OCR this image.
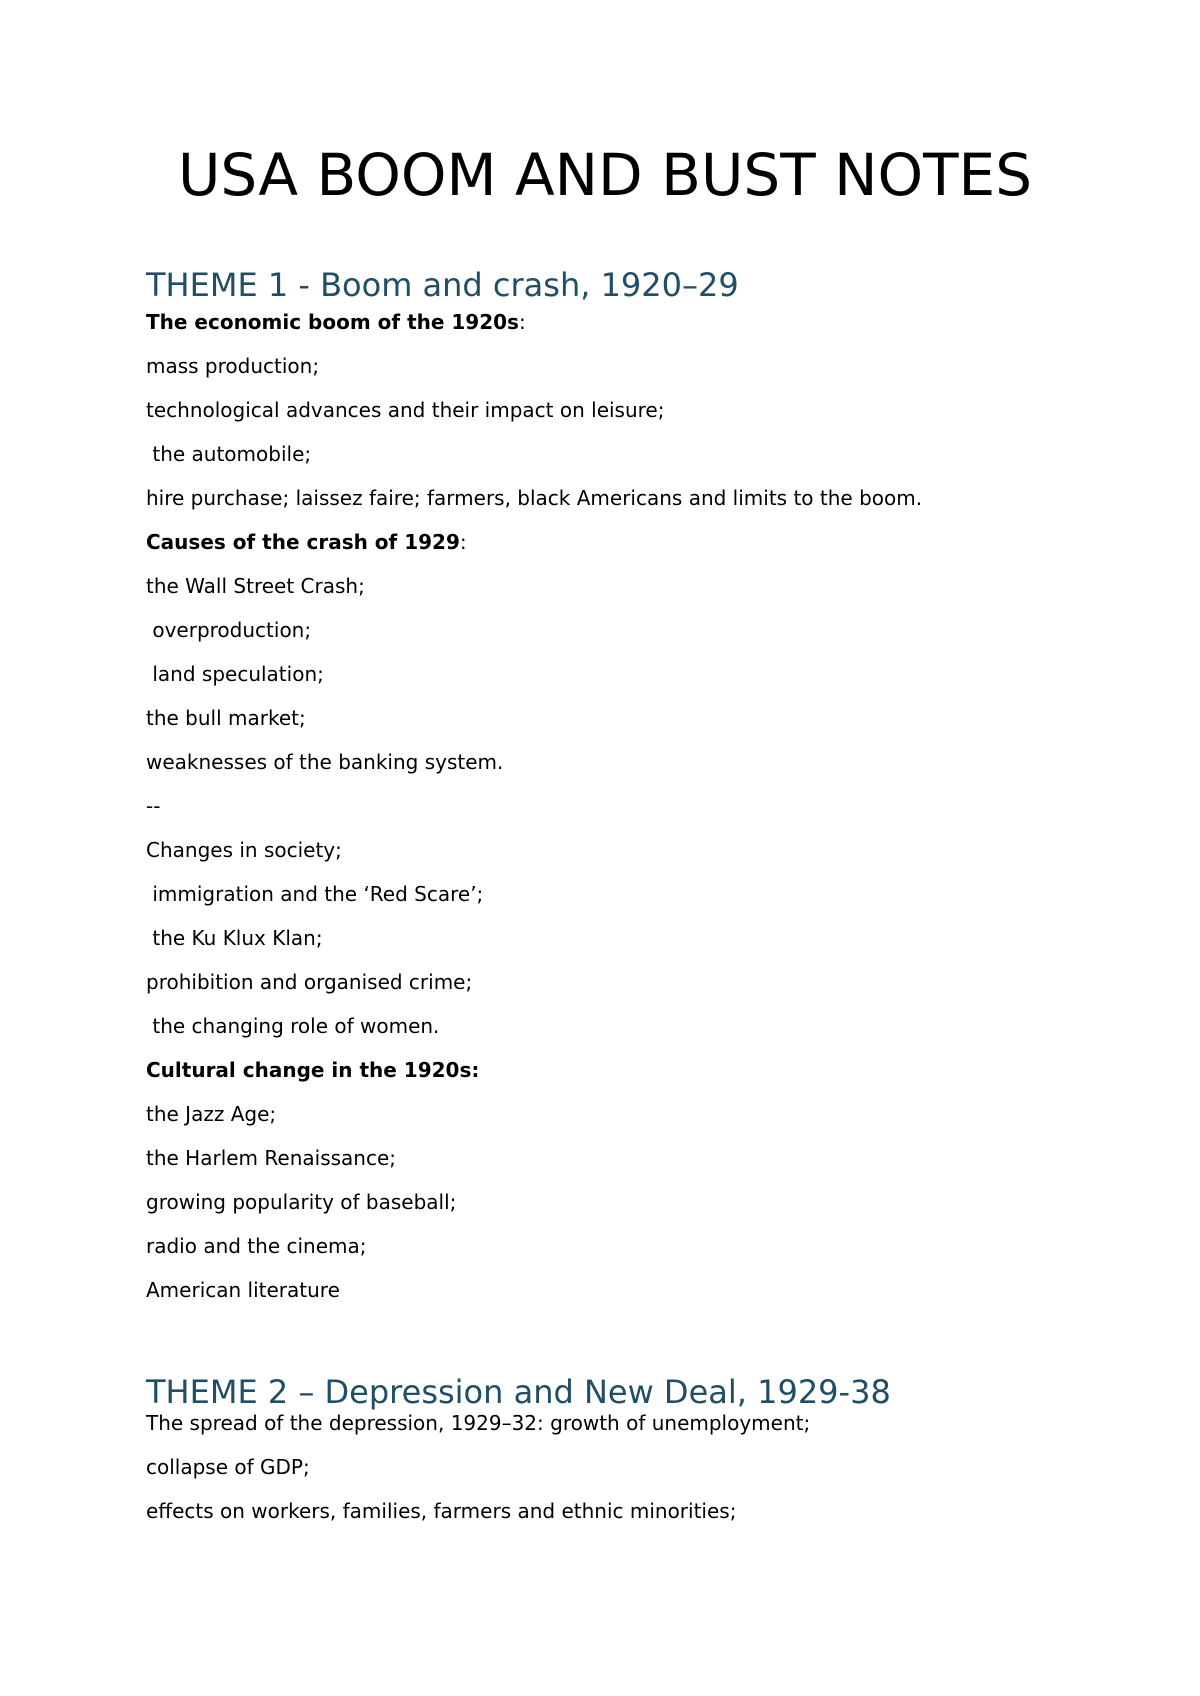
USA BOOM AND BUST NOTES
THEME 1 - Boom and crash, 1920–29

The economic boom of the 1920s:

mass production;

technological advances and their impact on leisure;

the automobile;

hire purchase; laissez faire; farmers, black Americans and limits to the boom.

Causes of the crash of 1929:

the Wall Street Crash;

overproduction;

land speculation;

the bull market;

weaknesses of the banking system.

--

Changes in society;

immigration and the ‘Red Scare’;

the Ku Klux Klan;

prohibition and organised crime;

the changing role of women.

Cultural change in the 1920s:

the Jazz Age;

the Harlem Renaissance;

growing popularity of baseball;

radio and the cinema;

American literature

THEME 2 – Depression and New Deal, 1929-38

The spread of the depression, 1929–32: growth of unemployment;

collapse of GDP;

effects on workers, families, farmers and ethnic minorities;
